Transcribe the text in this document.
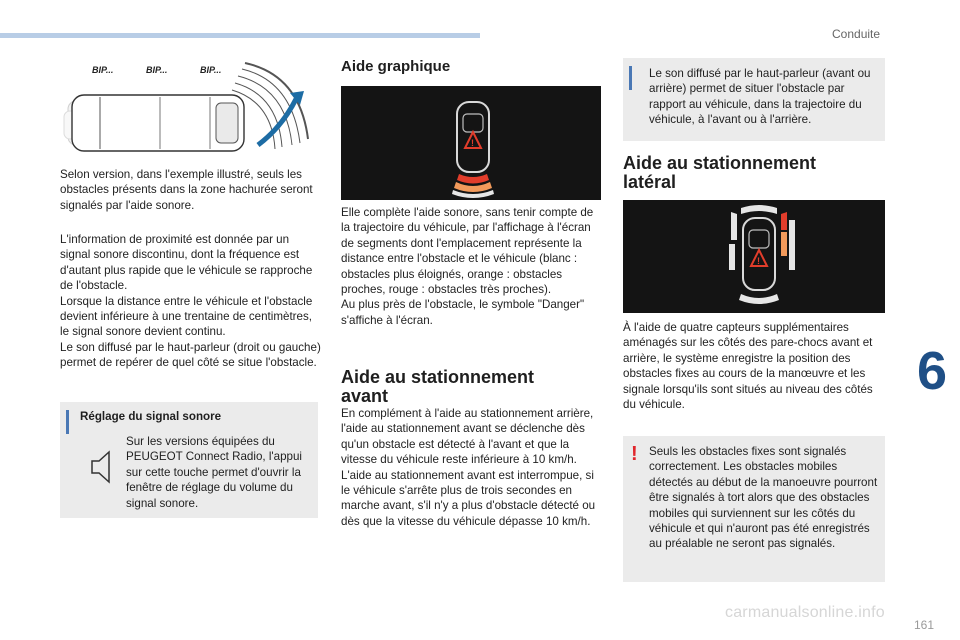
Conduite
6
BIP...	BIP...	BIP...

Selon version, dans l'exemple illustré, seuls les obstacles présents dans la zone hachurée seront signalés par l'aide sonore.

L'information de proximité est donnée par un signal sonore discontinu, dont la fréquence est d'autant plus rapide que le véhicule se rapproche de l'obstacle.
Lorsque la distance entre le véhicule et l'obstacle devient inférieure à une trentaine de centimètres, le signal sonore devient continu.
Le son diffusé par le haut-parleur (droit ou gauche) permet de repérer de quel côté se situe l'obstacle.

Réglage du signal sonore
Sur les versions équipées du PEUGEOT Connect Radio, l'appui sur cette touche permet d'ouvrir la fenêtre de réglage du volume du signal sonore.
Aide graphique
!

Elle complète l'aide sonore, sans tenir compte de la trajectoire du véhicule, par l'affichage à l'écran de segments dont l'emplacement représente la distance entre l'obstacle et le véhicule (blanc : obstacles plus éloignés, orange : obstacles proches, rouge : obstacles très proches).
Au plus près de l'obstacle, le symbole "Danger" s'affiche à l'écran.

Aide au stationnement avant

En complément à l'aide au stationnement arrière, l'aide au stationnement avant se déclenche dès qu'un obstacle est détecté à l'avant et que la vitesse du véhicule reste inférieure à 10 km/h.
L'aide au stationnement avant est interrompue, si le véhicule s'arrête plus de trois secondes en marche avant, s'il n'y a plus d'obstacle détecté ou dès que la vitesse du véhicule dépasse 10 km/h.

Le son diffusé par le haut-parleur (avant ou arrière) permet de situer l'obstacle par rapport au véhicule, dans la trajectoire du véhicule, à l'avant ou à l'arrière.
Aide au stationnement latéral
!

À l'aide de quatre capteurs supplémentaires aménagés sur les côtés des pare-chocs avant et arrière, le système enregistre la position des obstacles fixes au cours de la manœuvre et les signale lorsqu'ils sont situés au niveau des côtés du véhicule.

! Seuls les obstacles fixes sont signalés correctement. Les obstacles mobiles détectés au début de la manoeuvre pourront être signalés à tort alors que des obstacles mobiles qui surviennent sur les côtés du véhicule et qui n'auront pas été enregistrés au préalable ne seront pas signalés.
carmanualsonline.info
161
